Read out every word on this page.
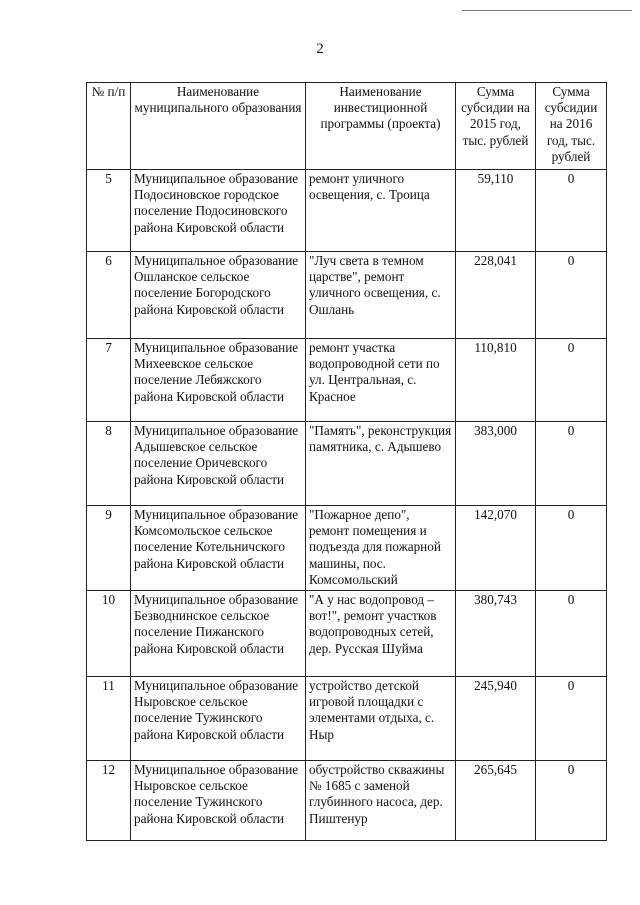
2
№ п/п	Наименование муниципального образования	Наименование инвестиционной программы (проекта)	Сумма субсидии на 2015 год, тыс. рублей	Сумма субсидии на 2016 год, тыс. рублей
5	Муниципальное образование Подосиновское городское поселение Подосиновского района Кировской области	ремонт уличного освещения, с. Троица	59,110	0
6	Муниципальное образование Ошланское сельское поселение Богородского района Кировской области	"Луч света в темном царстве", ремонт уличного освещения, с. Ошлань	228,041	0
7	Муниципальное образование Михеевское сельское поселение Лебяжского района Кировской области	ремонт участка водопроводной сети по ул. Центральная, с. Красное	110,810	0
8	Муниципальное образование Адышевское сельское поселение Оричевского района Кировской области	"Память", реконструкция памятника, с. Адышево	383,000	0
9	Муниципальное образование Комсомольское сельское поселение Котельничского района Кировской области	"Пожарное депо", ремонт помещения и подъезда для пожарной машины, пос. Комсомольский	142,070	0
10	Муниципальное образование Безводнинское сельское поселение Пижанского района Кировской области	"А у нас водопровод – вот!", ремонт участков водопроводных сетей, дер. Русская Шуйма	380,743	0
11	Муниципальное образование Ныровское сельское поселение Тужинского района Кировской области	устройство детской игровой площадки с элементами отдыха, с. Ныр	245,940	0
12	Муниципальное образование Ныровское сельское поселение Тужинского района Кировской области	обустройство скважины № 1685 с заменой глубинного насоса, дер. Пиштенур	265,645	0
